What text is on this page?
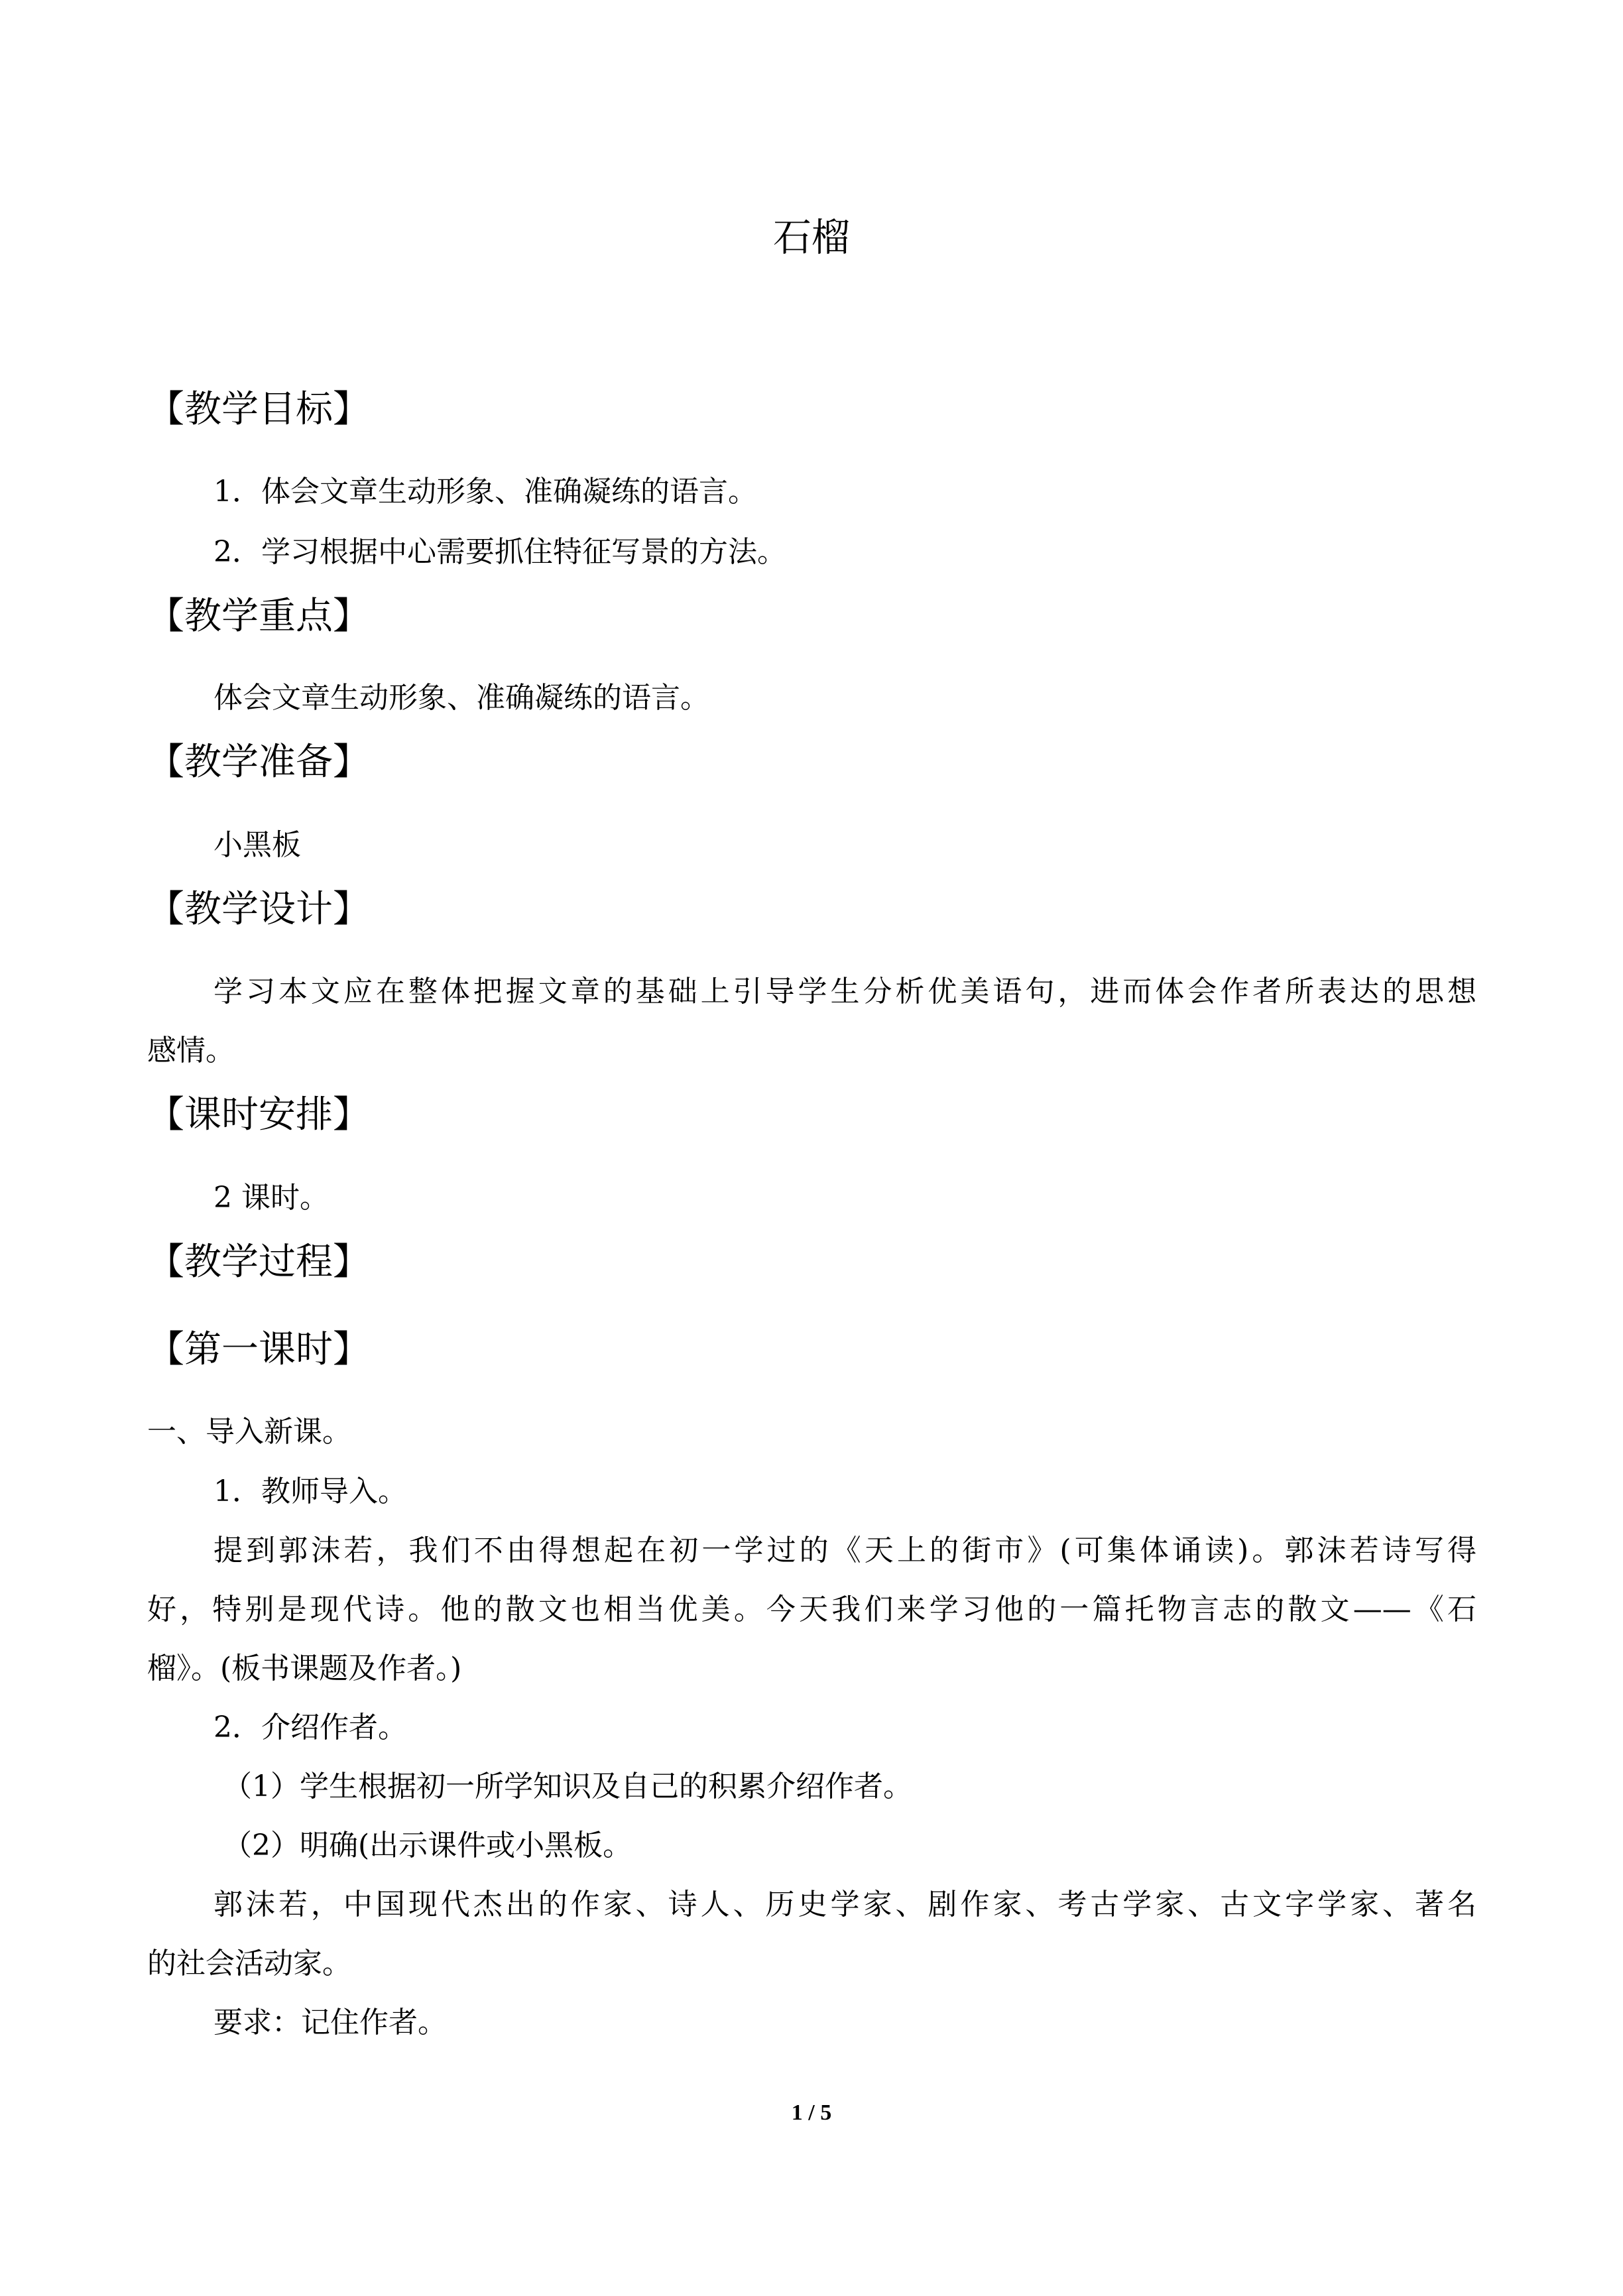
石榴

【教学目标】

1．体会文章生动形象、准确凝练的语言。

2．学习根据中心需要抓住特征写景的方法。

【教学重点】

体会文章生动形象、准确凝练的语言。

【教学准备】

小黑板

【教学设计】

学习本文应在整体把握文章的基础上引导学生分析优美语句，进而体会作者所表达的思想

感情。

【课时安排】

2 课时。

【教学过程】

【第一课时】

一、导入新课。

1．教师导入。

提到郭沫若，我们不由得想起在初一学过的《天上的街市》(可集体诵读)。郭沫若诗写得

好，特别是现代诗。他的散文也相当优美。今天我们来学习他的一篇托物言志的散文——《石

榴》。(板书课题及作者。)

2．介绍作者。

（1）学生根据初一所学知识及自己的积累介绍作者。

（2）明确(出示课件或小黑板。

郭沫若，中国现代杰出的作家、诗人、历史学家、剧作家、考古学家、古文字学家、著名

的社会活动家。

要求：记住作者。

1 / 5
